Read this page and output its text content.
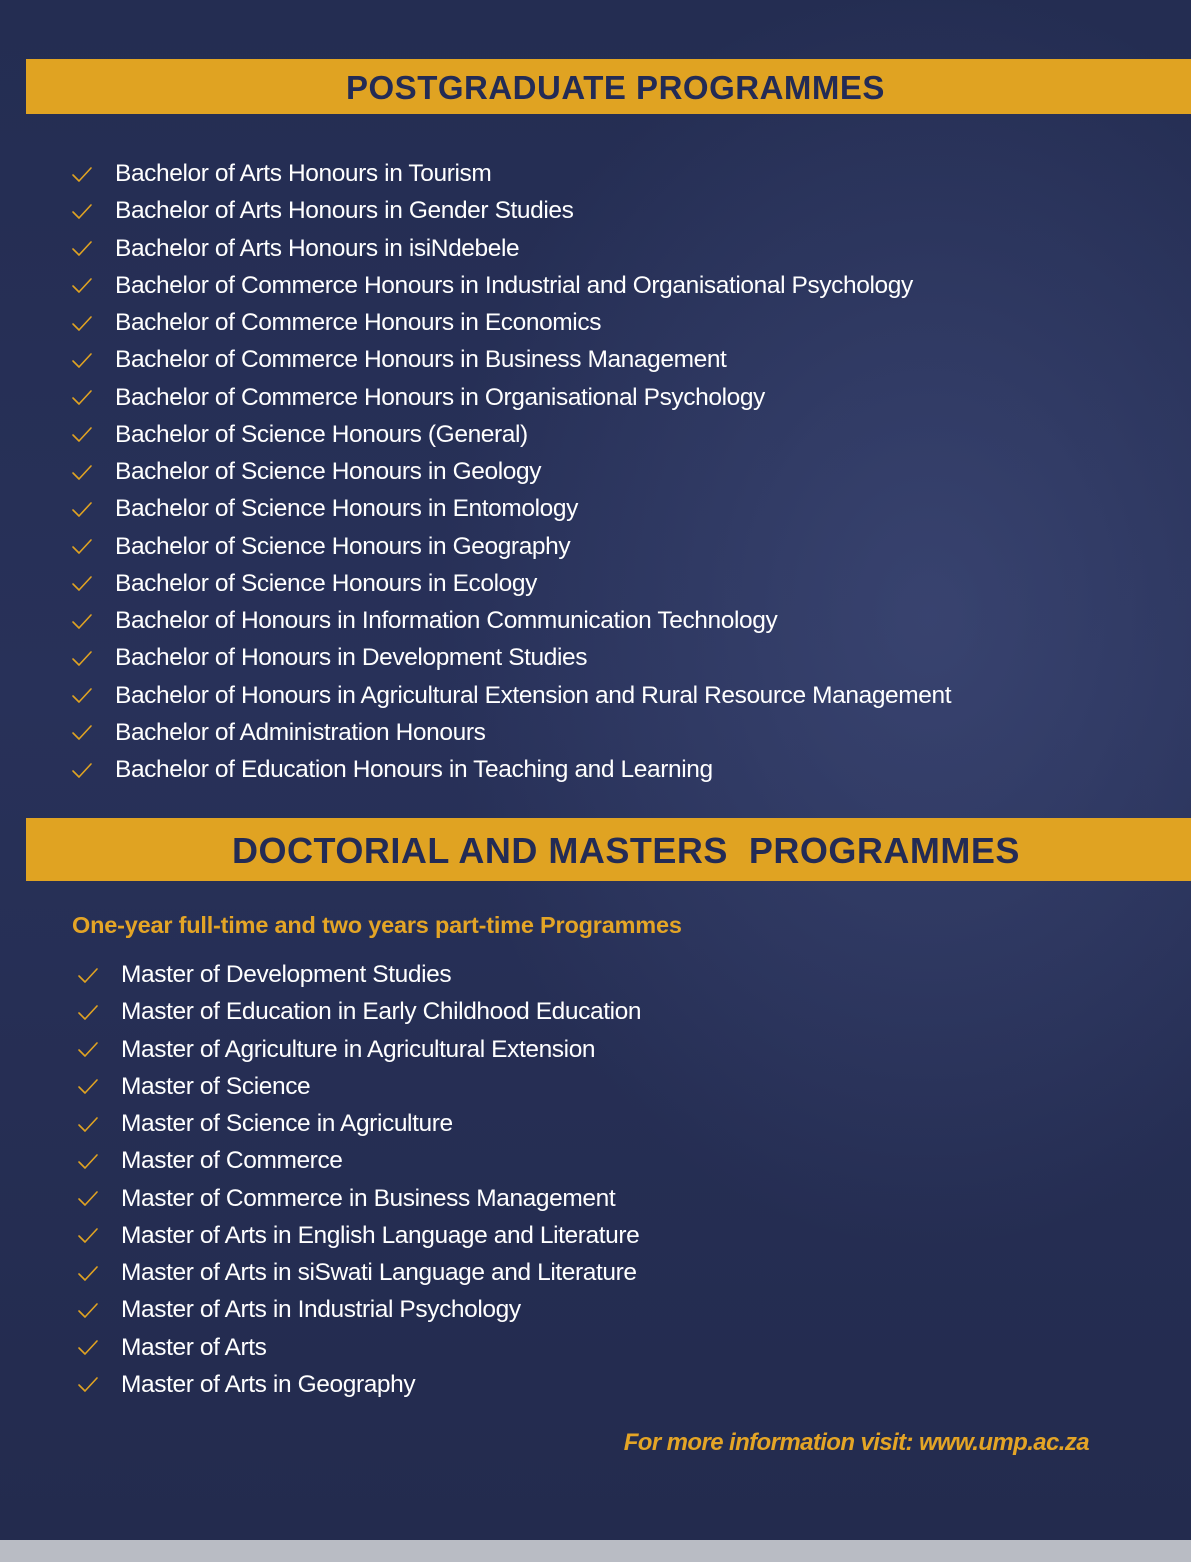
POSTGRADUATE PROGRAMMES
Bachelor of Arts Honours in Tourism
Bachelor of Arts Honours in Gender Studies
Bachelor of Arts Honours in isiNdebele
Bachelor of Commerce Honours in Industrial and Organisational Psychology
Bachelor of Commerce Honours in Economics
Bachelor of Commerce Honours in Business Management
Bachelor of Commerce Honours in Organisational Psychology
Bachelor of Science Honours (General)
Bachelor of Science Honours in Geology
Bachelor of Science Honours in Entomology
Bachelor of Science Honours in Geography
Bachelor of Science Honours in Ecology
Bachelor of Honours in Information Communication Technology
Bachelor of Honours in Development Studies
Bachelor of Honours in Agricultural Extension and Rural Resource Management
Bachelor of Administration Honours
Bachelor of Education Honours in Teaching and Learning
DOCTORIAL AND MASTERS  PROGRAMMES
One-year full-time and two years part-time Programmes
Master of Development Studies
Master of Education in Early Childhood Education
Master of Agriculture in Agricultural Extension
Master of Science
Master of Science in Agriculture
Master of Commerce
Master of Commerce in Business Management
Master of Arts in English Language and Literature
Master of Arts in siSwati Language and Literature
Master of Arts in Industrial Psychology
Master of Arts
Master of Arts in Geography
For more information visit: www.ump.ac.za
